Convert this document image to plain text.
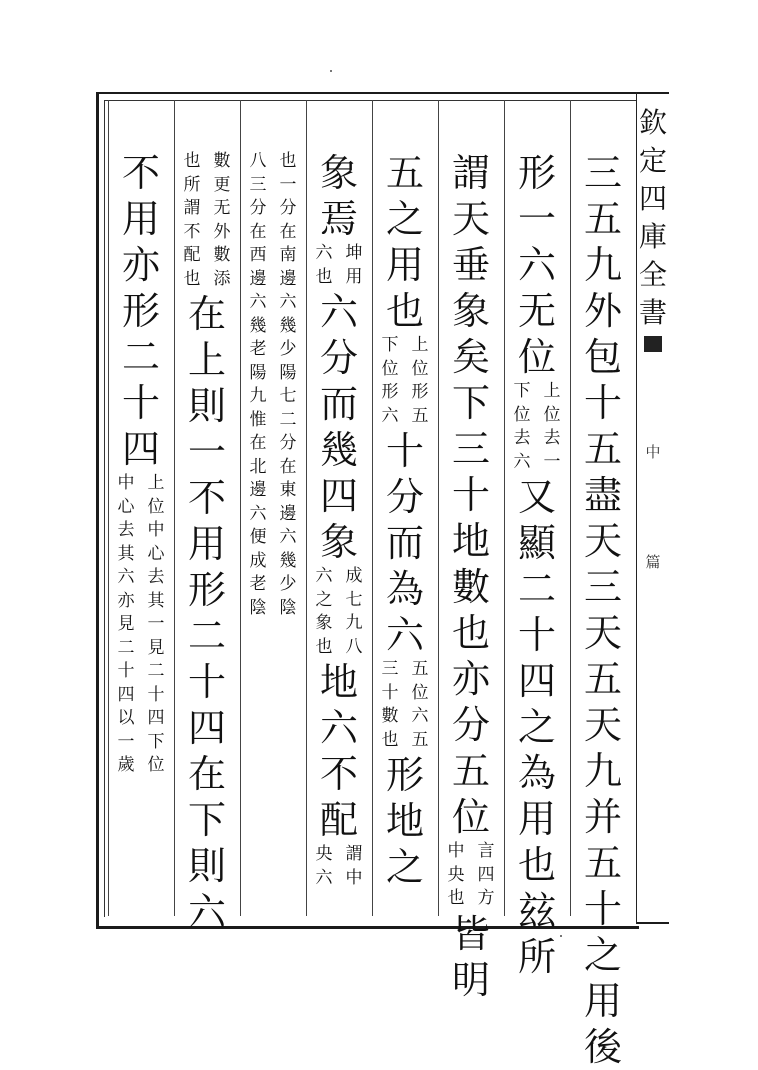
欽
定
四
庫
全
書
中
篇
三
五
九
外
包
十
五
盡
天
三
天
五
天
九
并
五
十
之
用
後
形
一
六
无
位
下
位
去
六
上
位
去
一
又
顯
二
十
四
之
為
用
也
玆
所
謂
天
垂
象
矣
下
三
十
地
數
也
亦
分
五
位
中
央
也
言
四
方
皆
明
五
之
用
也
下
位
形
六
上
位
形
五
十
分
而
為
六
三
十
數
也
五
位
六
五
形
地
之
象
焉
六
也
坤
用
六
分
而
幾
四
象
六
之
象
也
成
七
九
八
地
六
不
配
央
六
謂
中
八
三
分
在
西
邊
六
幾
老
陽
九
惟
在
北
邊
六
便
成
老
陰
也
一
分
在
南
邊
六
幾
少
陽
七
二
分
在
東
邊
六
幾
少
陰
也
所
謂
不
配
也
數
更
无
外
數
添
在
上
則
一
不
用
形
二
十
四
在
下
則
六
不
用
亦
形
二
十
四
中
心
去
其
六
亦
見
二
十
四
以
一
歲
上
位
中
心
去
其
一
見
二
十
四
下
位
